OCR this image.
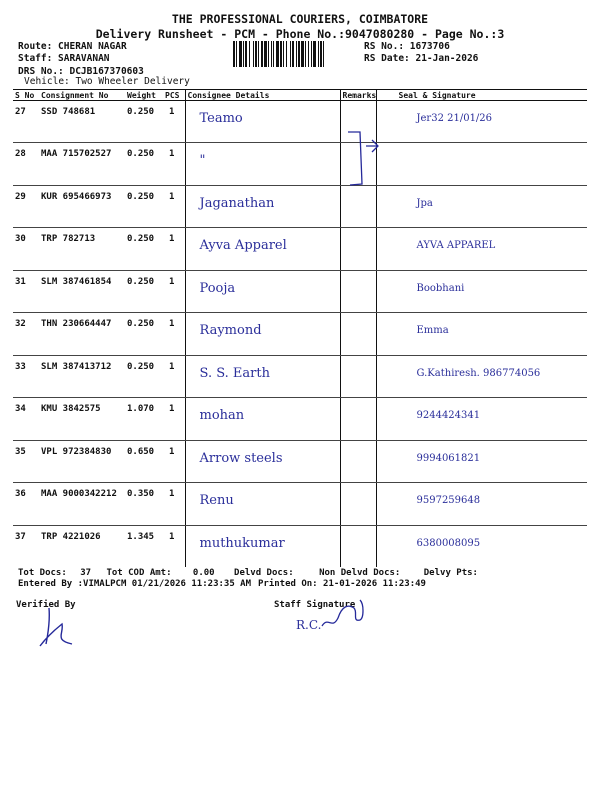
THE PROFESSIONAL COURIERS, COIMBATORE
Delivery Runsheet - PCM - Phone No.:9047080280 - Page No.:3
Route: CHERAN NAGAR
Staff: SARAVANAN
DRS No.: DCJB167370603
Vehicle: Two Wheeler Delivery
RS No.: 1673706
RS Date: 21-Jan-2026
S No	Consignment No	Weight	PCS	Consignee Details	Remarks	Seal & Signature
27	SSD 748681	0.250	1	Teamo		Jer32 21/01/26
28	MAA 715702527	0.250	1	"		
29	KUR 695466973	0.250	1	Jaganathan		Jpa
30	TRP 782713	0.250	1	Ayva Apparel		AYVA APPAREL
31	SLM 387461854	0.250	1	Pooja		Boobhani
32	THN 230664447	0.250	1	Raymond		Emma
33	SLM 387413712	0.250	1	S. S. Earth		G.Kathiresh. 986774056
34	KMU 3842575	1.070	1	mohan		9244424341
35	VPL 972384830	0.650	1	Arrow steels		9994061821
36	MAA 9000342212	0.350	1	Renu		9597259648
37	TRP 4221026	1.345	1	muthukumar		6380008095
Tot Docs: 37 Tot COD Amt: 0.00 Delvd Docs:	Non Delvd Docs:	Delvy Pts:
Entered By :VIMALPCM 01/21/2026 11:23:35 AM Printed On: 21-01-2026 11:23:49
Verified By	Staff Signature
R.C.
